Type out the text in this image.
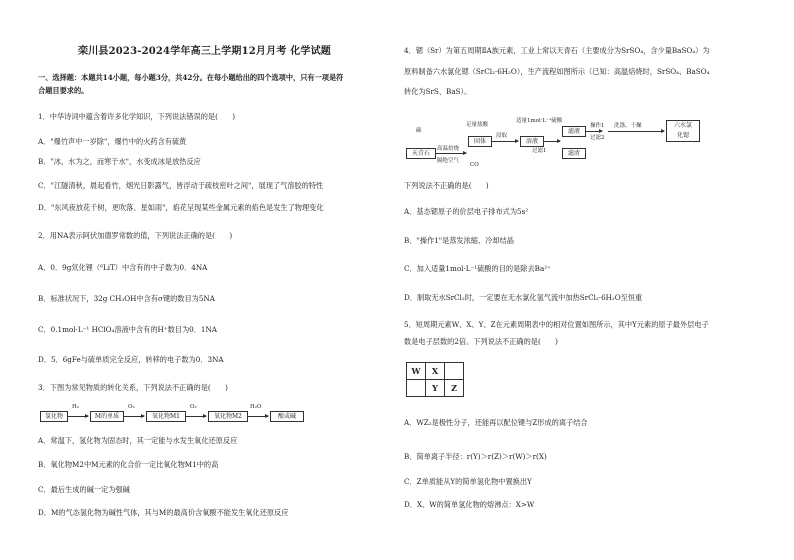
栾川县2023-2024学年高三上学期12月月考 化学试题
一、选择题：本题共14小题，每小题3分，共42分。在每小题给出的四个选项中，只有一项是符
合题目要求的。
1．中华诗词中蕴含着许多化学知识，下列说法错误的是(　　)
A．"爆竹声中一岁除"，爆竹中的火药含有硫黄
B．"冰，水为之，而寒于水"，水变成冰是放热反应
C．"江隧清秋，晨起看竹，烟光日影露气，皆浮动于疏枝密叶之间"，展现了气溶胶的特性
D．"东风夜放花千树，更吹落、星如雨"，焰花呈现某些金属元素的焰色是发生了物理变化
2．用NA表示阿伏加德罗常数的值，下列说法正确的是(　　)
A．0．9g氘化锂（⁶LiT）中含有的中子数为0．4NA
B．标准状况下，32g CH₃OH中含有σ键的数目为5NA
C．0.1mol·L⁻¹ HClO₄溶液中含有的H⁺数目为0．1NA
D．5．6gFe与硫单质完全反应，转移的电子数为0．3NA
3．下图为常见物质的转化关系，下列说法不正确的是(　　)
氢化物
H₂
M的单质
O₂
氧化物M1
O₂
氧化物M2
H₂O
酸或碱
A．常温下，氢化物为固态时，其一定能与水发生氧化还原反应
B．氧化物M2中M元素的化合价一定比氧化物M1中的高
C．最后生成的碱一定为强碱
D．M的气态氢化物为碱性气体，其与M的最高价含氧酸不能发生氧化还原反应
4．锶（Sr）为第五周期ⅡA族元素，工业上常以天青石（主要成分为SrSO₄，含少量BaSO₄）为
原料制备六水氯化锶（SrCl₂·6H₂O），生产流程如图所示（已知：高温焙烧时，SrSO₄、BaSO₄
转化为SrS、BaS）。
碳
天青石
高温焙烧
隔绝空气
CO
足量盐酸
固体
浸取
适量1mol·L⁻¹硫酸
溶液
过滤1
滤液
滤渣
操作1
过滤2
洗涤、干燥	六水氯
化锶
下列说法不正确的是(　　)
A．基态锶原子的价层电子排布式为5s²
B．"操作1"是蒸发浓缩、冷却结晶
C．加入适量1mol·L⁻¹硫酸的目的是除去Ba²⁺
D．制取无水SrCl₂时，一定要在无水氯化氢气流中加热SrCl₂·6H₂O至恒重
5．短周期元素W、X、Y、Z在元素周期表中的相对位置如图所示，其中Y元素的原子最外层电子
数是电子层数的2倍。下列说法不正确的是(　　)
W	X	
	Y	Z
A．WZ₂是极性分子，还能再以配位键与Z形成的离子结合
B．简单离子半径：r(Y)＞r(Z)＞r(W)＞r(X)
C．Z单质能从Y的简单氢化物中置换出Y
D．X、W的简单氢化物的熔沸点：X>W
